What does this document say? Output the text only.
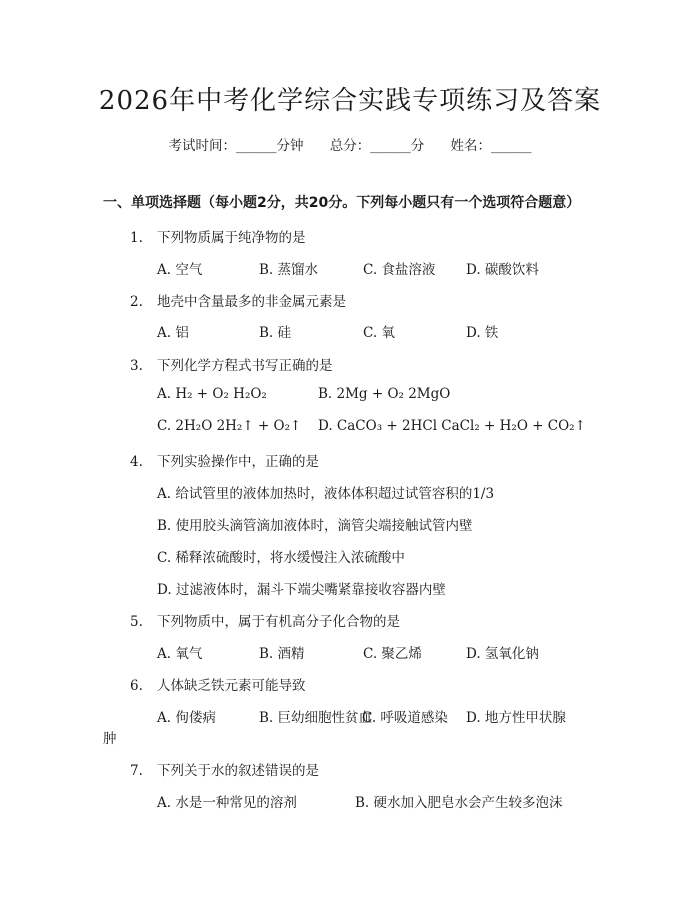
2026年中考化学综合实践专项练习及答案
考试时间：______分钟 总分：______分 姓名：______
一、单项选择题（每小题2分，共20分。下列每小题只有一个选项符合题意）
1. 下列物质属于纯净物的是
A. 空气	B. 蒸馏水	C. 食盐溶液 D. 碳酸饮料
2. 地壳中含量最多的非金属元素是
A. 铝	B. 硅	C. 氧	D. 铁
3. 下列化学方程式书写正确的是
A. H₂ + O₂ H₂O₂	B. 2Mg + O₂ 2MgO
C. 2H₂O 2H₂↑ + O₂↑ D. CaCO₃ + 2HCl CaCl₂ + H₂O + CO₂↑
4. 下列实验操作中，正确的是
A. 给试管里的液体加热时，液体体积超过试管容积的1/3
B. 使用胶头滴管滴加液体时，滴管尖端接触试管内壁
C. 稀释浓硫酸时，将水缓慢注入浓硫酸中
D. 过滤液体时，漏斗下端尖嘴紧靠接收容器内壁
5. 下列物质中，属于有机高分子化合物的是
A. 氧气	B. 酒精	C. 聚乙烯	D. 氢氧化钠
6. 人体缺乏铁元素可能导致
A. 佝偻病	B. 巨幼细胞性贫血
C. 呼吸道感染 D. 地方性甲状腺
肿
7. 下列关于水的叙述错误的是
A. 水是一种常见的溶剂	B. 硬水加入肥皂水会产生较多泡沫
